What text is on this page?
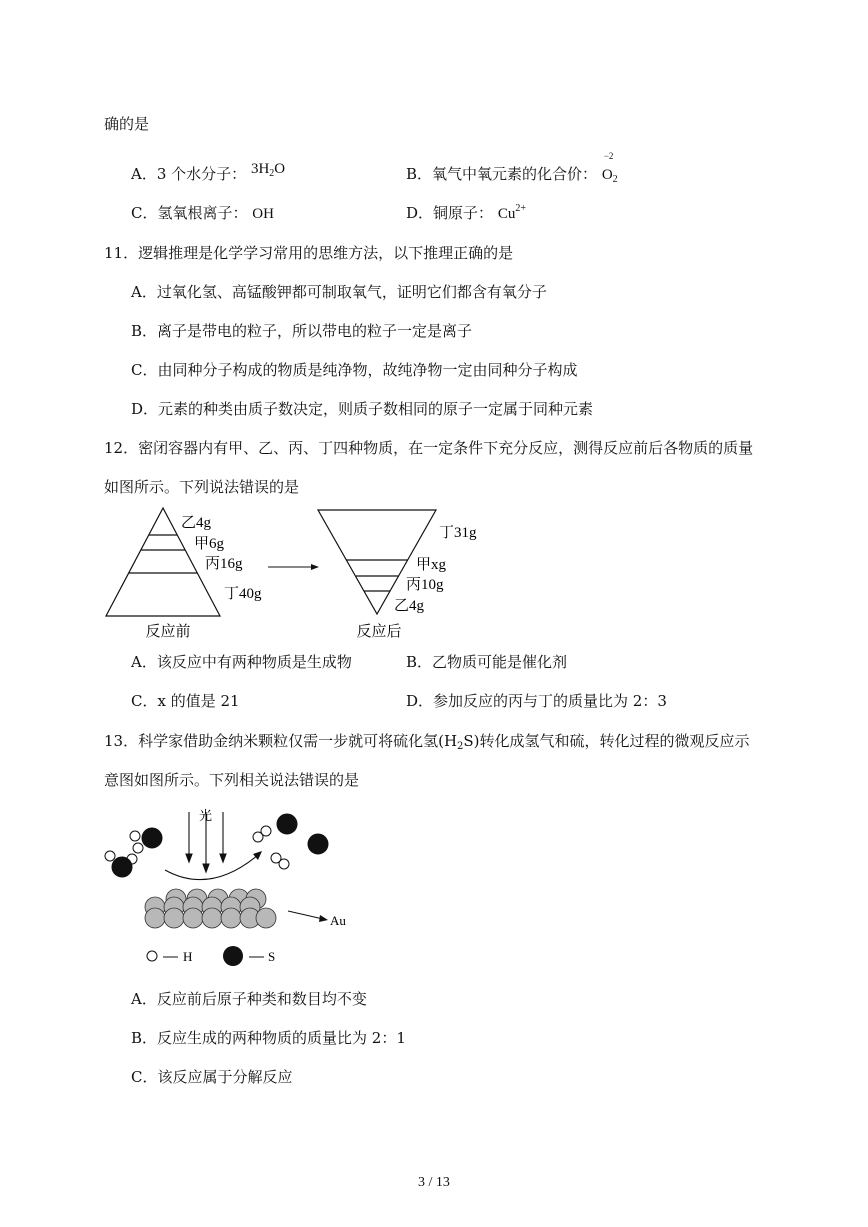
确的是
A．3 个水分子： $3H_2O$	B．氧气中氧元素的化合价：
−2
$O_2$
C．氢氧根离子： OH	D．铜原子： $Cu^{2+}$
11．逻辑推理是化学学习常用的思维方法，以下推理正确的是
A．过氧化氢、高锰酸钾都可制取氧气，证明它们都含有氧分子
B．离子是带电的粒子，所以带电的粒子一定是离子
C．由同种分子构成的物质是纯净物，故纯净物一定由同种分子构成
D．元素的种类由质子数决定，则质子数相同的原子一定属于同种元素
12．密闭容器内有甲、乙、丙、丁四种物质，在一定条件下充分反应，测得反应前后各物质的质量
如图所示。下列说法错误的是
乙4g
甲6g
丙16g
丁40g
反应前
丁31g
甲xg
丙10g
乙4g
反应后
A．该反应中有两种物质是生成物	B．乙物质可能是催化剂
C．x 的值是 21	D．参加反应的丙与丁的质量比为 2：3
13．科学家借助金纳米颗粒仅需一步就可将硫化氢$(H_2S)$转化成氢气和硫，转化过程的微观反应示
意图如图所示。下列相关说法错误的是
光
Au
H	S
A．反应前后原子种类和数目均不变
B．反应生成的两种物质的质量比为 2：1
C．该反应属于分解反应
3 / 13
